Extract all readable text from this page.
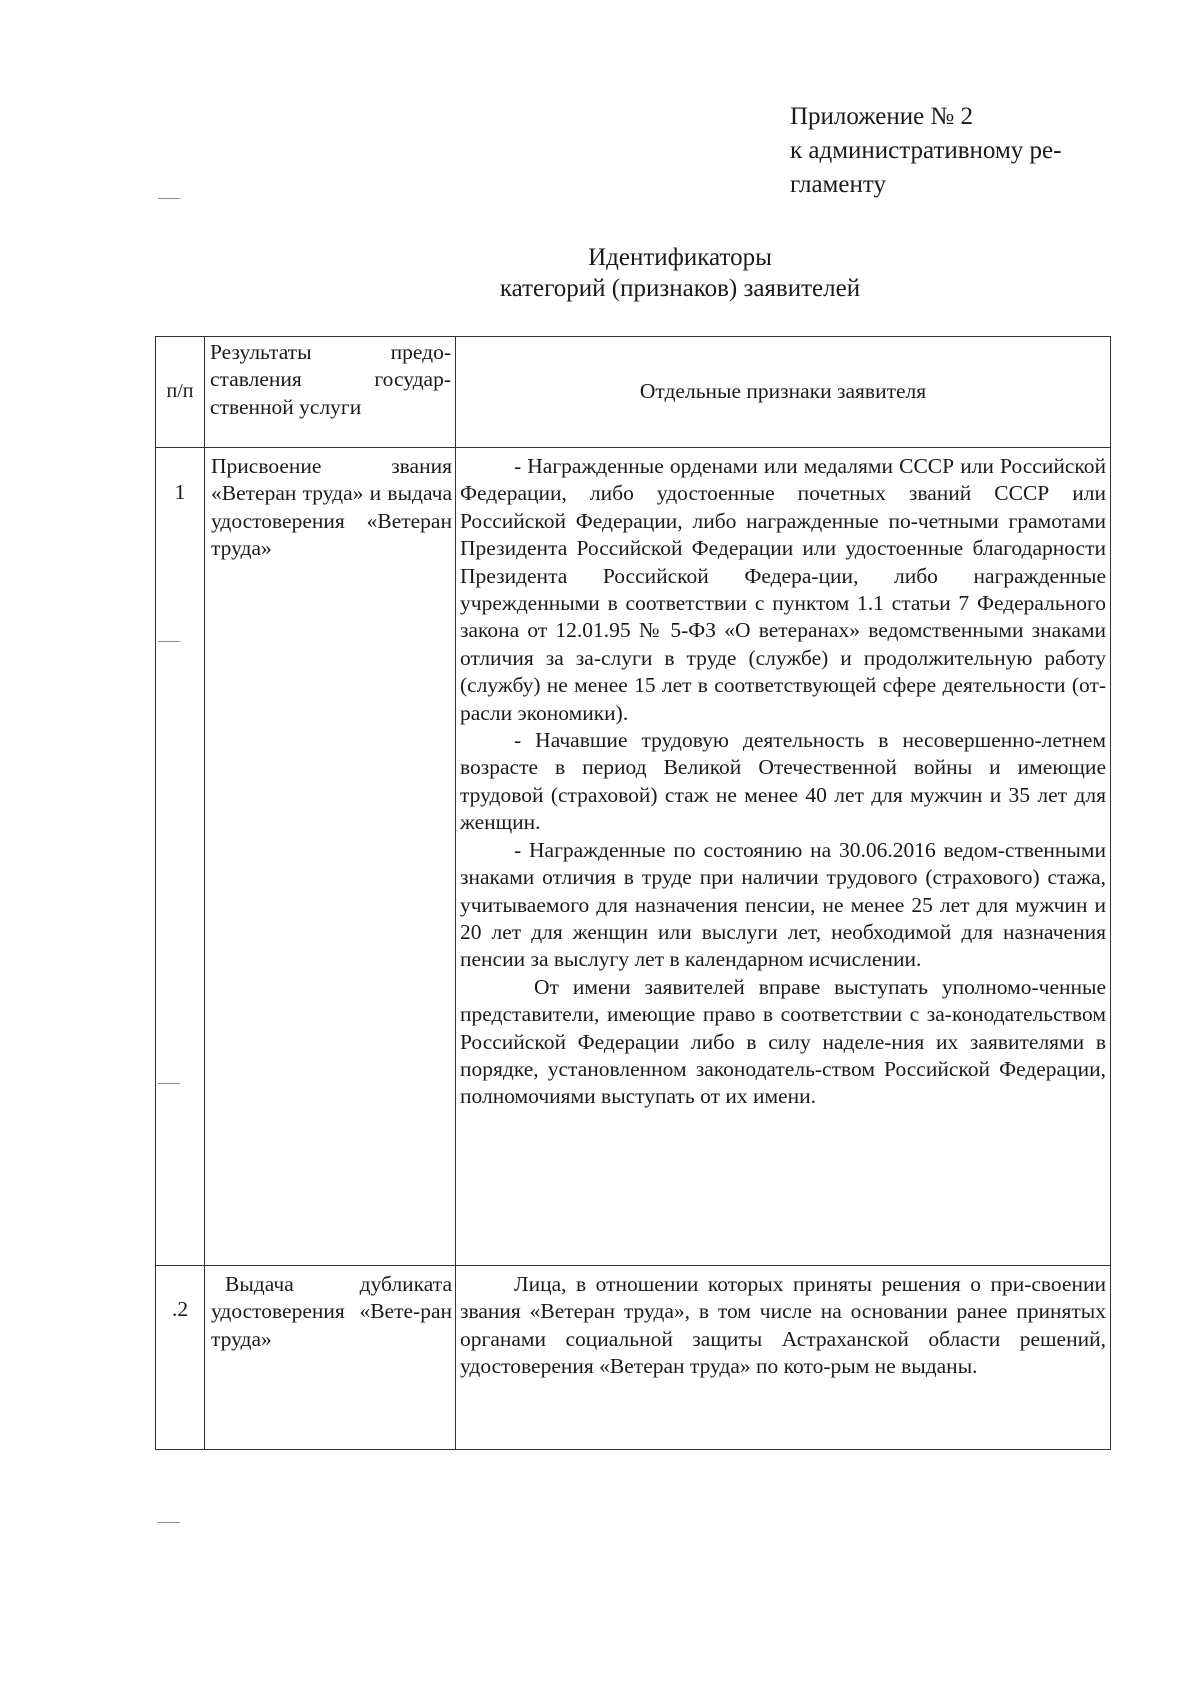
Приложение № 2
к административному ре-
гламенту
Идентификаторы
категорий (признаков) заявителей
п/п	Результаты предо-ставления государ-ственной услуги	Отдельные признаки заявителя
1	Присвоение звания «Ветеран труда» и выдача удостоверения «Ветеран труда»	- Награжденные орденами или медалями СССР или Российской Федерации, либо удостоенные почетных званий СССР или Российской Федерации, либо награжденные по-четными грамотами Президента Российской Федерации или удостоенные благодарности Президента Российской Федера-ции, либо награжденные учрежденными в соответствии с пунктом 1.1 статьи 7 Федерального закона от 12.01.95 № 5-ФЗ «О ветеранах» ведомственными знаками отличия за за-слуги в труде (службе) и продолжительную работу (службу) не менее 15 лет в соответствующей сфере деятельности (от-расли экономики).

- Начавшие трудовую деятельность в несовершенно-летнем возрасте в период Великой Отечественной войны и имеющие трудовой (страховой) стаж не менее 40 лет для мужчин и 35 лет для женщин.

- Награжденные по состоянию на 30.06.2016 ведом-ственными знаками отличия в труде при наличии трудового (страхового) стажа, учитываемого для назначения пенсии, не менее 25 лет для мужчин и 20 лет для женщин или выслуги лет, необходимой для назначения пенсии за выслугу лет в календарном исчислении.

От имени заявителей вправе выступать уполномо-ченные представители, имеющие право в соответствии с за-конодательством Российской Федерации либо в силу наделе-ния их заявителями в порядке, установленном законодатель-ством Российской Федерации, полномочиями выступать от их имени.

.2	Выдача дубликата удостоверения «Вете-ран труда»	Лица, в отношении которых приняты решения о при-своении звания «Ветеран труда», в том числе на основании ранее принятых органами социальной защиты Астраханской области решений, удостоверения «Ветеран труда» по кото-рым не выданы.
